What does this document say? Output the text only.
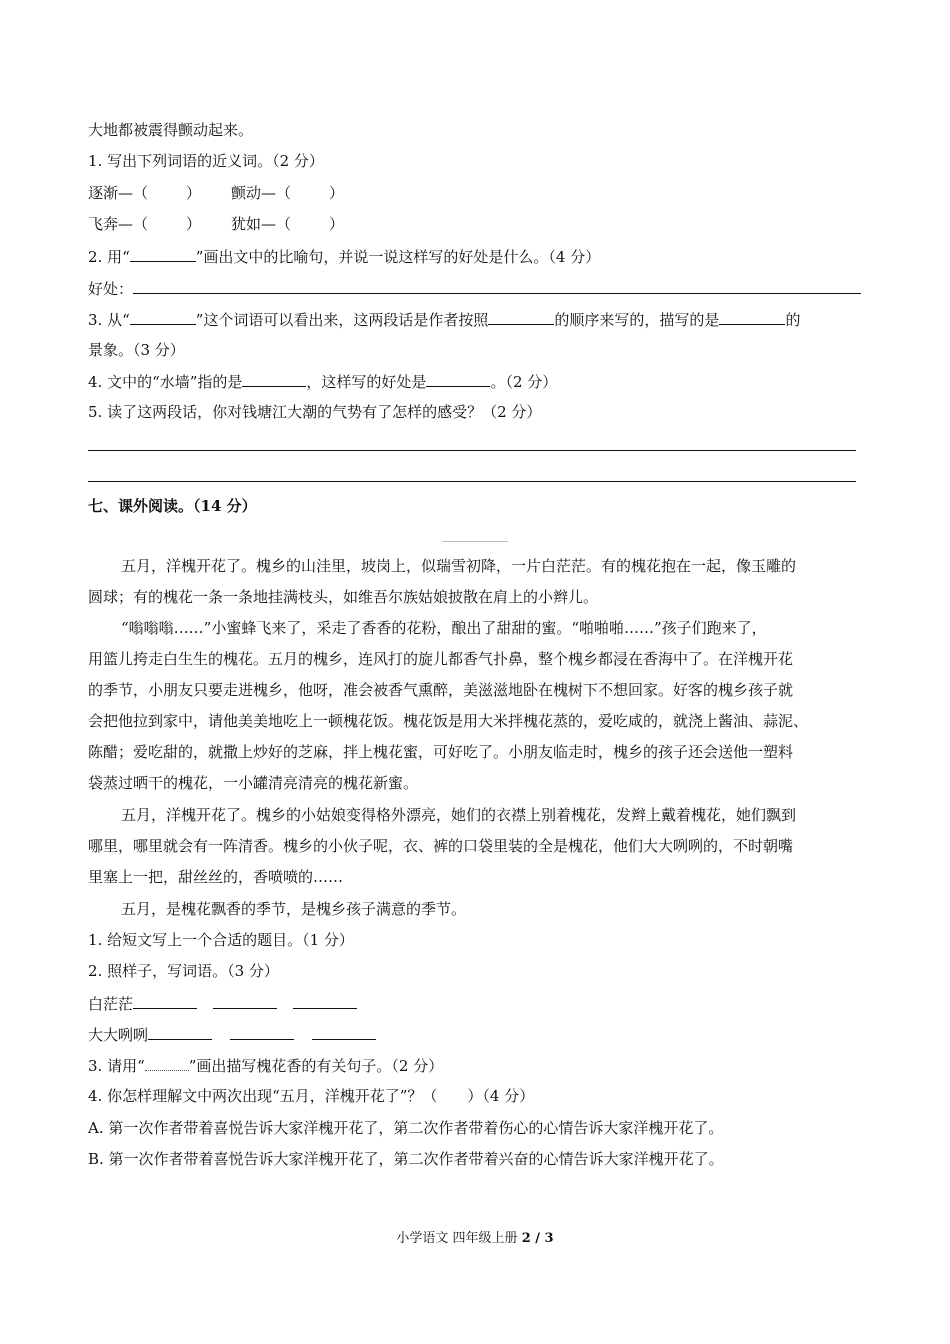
大地都被震得颤动起来。
1. 写出下列词语的近义词。（2 分）
逐渐—（	） 颤动—（	）
飞奔—（	） 犹如—（	）
2. 用“	”画出文中的比喻句，并说一说这样写的好处是什么。（4 分）
好处：
3. 从“	”这个词语可以看出来，这两段话是作者按照	的顺序来写的，描写的是	的
景象。（3 分）
4. 文中的“水墙”指的是	，这样写的好处是	。（2 分）
5. 读了这两段话，你对钱塘江大潮的气势有了怎样的感受？（2 分）
七、课外阅读。（14 分）
五月，洋槐开花了。槐乡的山洼里，坡岗上，似瑞雪初降，一片白茫茫。有的槐花抱在一起，像玉雕的
圆球；有的槐花一条一条地挂满枝头，如维吾尔族姑娘披散在肩上的小辫儿。
“嗡嗡嗡……”小蜜蜂飞来了，采走了香香的花粉，酿出了甜甜的蜜。“啪啪啪……”孩子们跑来了，
用篮儿挎走白生生的槐花。五月的槐乡，连风打的旋儿都香气扑鼻，整个槐乡都浸在香海中了。在洋槐开花
的季节，小朋友只要走进槐乡，他呀，准会被香气熏醉，美滋滋地卧在槐树下不想回家。好客的槐乡孩子就
会把他拉到家中，请他美美地吃上一顿槐花饭。槐花饭是用大米拌槐花蒸的，爱吃咸的，就浇上酱油、蒜泥、
陈醋；爱吃甜的，就撒上炒好的芝麻，拌上槐花蜜，可好吃了。小朋友临走时，槐乡的孩子还会送他一塑料
袋蒸过晒干的槐花，一小罐清亮清亮的槐花新蜜。
五月，洋槐开花了。槐乡的小姑娘变得格外漂亮，她们的衣襟上别着槐花，发辫上戴着槐花，她们飘到
哪里，哪里就会有一阵清香。槐乡的小伙子呢，衣、裤的口袋里装的全是槐花，他们大大咧咧的，不时朝嘴
里塞上一把，甜丝丝的，香喷喷的……
五月，是槐花飘香的季节，是槐乡孩子满意的季节。
1. 给短文写上一个合适的题目。（1 分）
2. 照样子，写词语。（3 分）
白茫茫
大大咧咧
3. 请用“	”画出描写槐花香的有关句子。（2 分）
4. 你怎样理解文中两次出现“五月，洋槐开花了”？（　　）（4 分）
A. 第一次作者带着喜悦告诉大家洋槐开花了，第二次作者带着伤心的心情告诉大家洋槐开花了。
B. 第一次作者带着喜悦告诉大家洋槐开花了，第二次作者带着兴奋的心情告诉大家洋槐开花了。
小学语文 四年级上册 2 / 3
